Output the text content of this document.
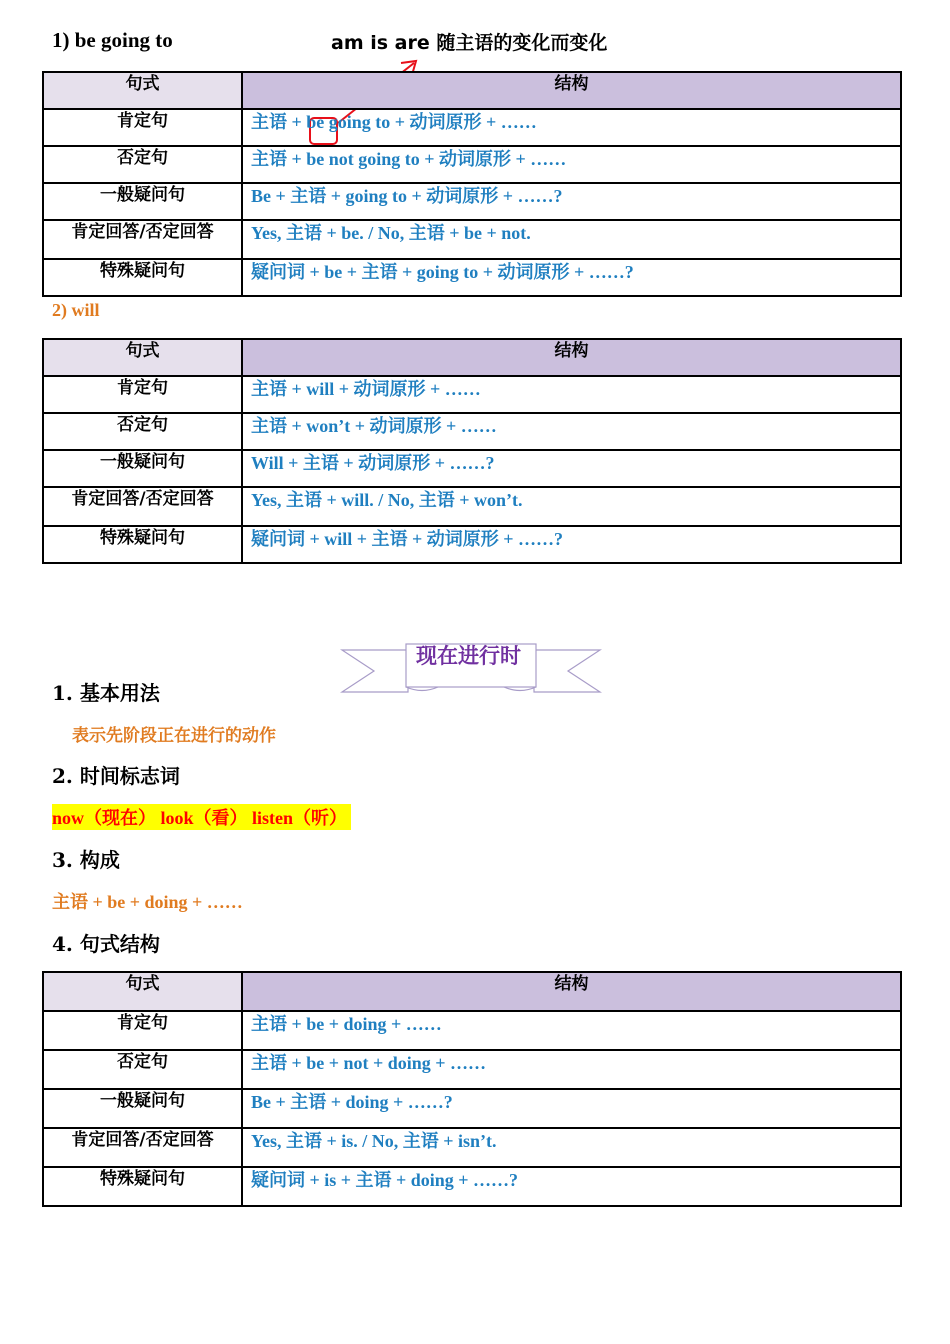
1) be going to	am is are 随主语的变化而变化
句式	结构
肯定句	主语 + be going to + 动词原形 + ……
否定句	主语 + be not going to + 动词原形 + ……
一般疑问句	Be + 主语 + going to + 动词原形 + ……?
肯定回答/否定回答	Yes, 主语 + be. / No, 主语 + be + not.
特殊疑问句	疑问词 + be + 主语 + going to + 动词原形 + ……?
2) will
句式	结构
肯定句	主语 + will + 动词原形 + ……
否定句	主语 + won’t + 动词原形 + ……
一般疑问句	Will + 主语 + 动词原形 + ……?
肯定回答/否定回答	Yes, 主语 + will. / No, 主语 + won’t.
特殊疑问句	疑问词 + will + 主语 + 动词原形 + ……?
现在进行时
1. 基本用法
表示先阶段正在进行的动作
2. 时间标志词
now（现在） look（看） listen（听）
3. 构成
主语 + be + doing + ……
4. 句式结构
句式	结构
肯定句	主语 + be + doing + ……
否定句	主语 + be + not + doing + ……
一般疑问句	Be + 主语 + doing + ……?
肯定回答/否定回答	Yes, 主语 + is. / No, 主语 + isn’t.
特殊疑问句	疑问词 + is + 主语 + doing + ……?
